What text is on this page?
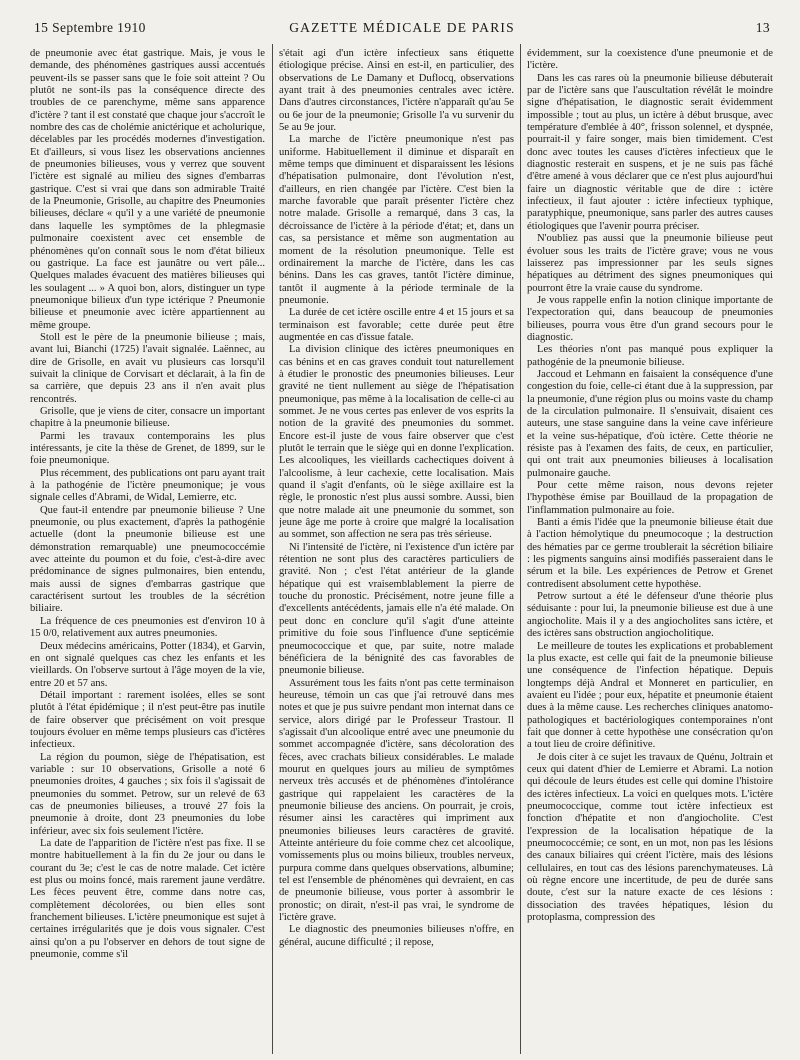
15 Septembre 1910	GAZETTE MÉDICALE DE PARIS	13

de pneumonie avec état gastrique. Mais, je vous le demande, des phénomènes gastriques aussi accentués peuvent-ils se passer sans que le foie soit atteint ? Ou plutôt ne sont-ils pas la conséquence directe des troubles de ce parenchyme, même sans apparence d'ictère ? tant il est constaté que chaque jour s'accroît le nombre des cas de cholémie anictérique et acholurique, décelables par les procédés modernes d'investigation. Et d'ailleurs, si vous lisez les observations anciennes de pneumonies bilieuses, vous y verrez que souvent l'ictère est signalé au milieu des signes d'embarras gastrique. C'est si vrai que dans son admirable Traité de la Pneumonie, Grisolle, au chapitre des Pneumonies bilieuses, déclare « qu'il y a une variété de pneumonie dans laquelle les symptômes de la phlegmasie pulmonaire coexistent avec cet ensemble de phénomènes qu'on connaît sous le nom d'état bilieux ou gastrique. La face est jaunâtre ou vert pâle... Quelques malades évacuent des matières bilieuses qui les soulagent ... » A quoi bon, alors, distinguer un type pneumonique bilieux d'un type ictérique ? Pneumonie bilieuse et pneumonie avec ictère appartiennent au même groupe.

Stoll est le père de la pneumonie bilieuse ; mais, avant lui, Bianchi (1725) l'avait signalée. Laënnec, au dire de Grisolle, en avait vu plusieurs cas lorsqu'il suivait la clinique de Corvisart et déclarait, à la fin de sa carrière, que depuis 23 ans il n'en avait plus rencontrés.

Grisolle, que je viens de citer, consacre un important chapitre à la pneumonie bilieuse.

Parmi les travaux contemporains les plus intéressants, je cite la thèse de Grenet, de 1899, sur le foie pneumonique.

Plus récemment, des publications ont paru ayant trait à la pathogénie de l'ictère pneumonique; je vous signale celles d'Abrami, de Widal, Lemierre, etc.

Que faut-il entendre par pneumonie bilieuse ? Une pneumonie, ou plus exactement, d'après la pathogénie actuelle (dont la pneumonie bilieuse est une démonstration remarquable) une pneumococcémie avec atteinte du poumon et du foie, c'est-à-dire avec prédominance de signes pulmonaires, bien entendu, mais aussi de signes d'embarras gastrique que caractérisent surtout les troubles de la sécrétion biliaire.

La fréquence de ces pneumonies est d'environ 10 à 15 0/0, relativement aux autres pneumonies.

Deux médecins américains, Potter (1834), et Garvin, en ont signalé quelques cas chez les enfants et les vieillards. On l'observe surtout à l'âge moyen de la vie, entre 20 et 57 ans.

Détail important : rarement isolées, elles se sont plutôt à l'état épidémique ; il n'est peut-être pas inutile de faire observer que précisément on voit presque toujours évoluer en même temps plusieurs cas d'ictères infectieux.

La région du poumon, siège de l'hépatisation, est variable : sur 10 observations, Grisolle a noté 6 pneumonies droites, 4 gauches ; six fois il s'agissait de pneumonies du sommet. Petrow, sur un relevé de 63 cas de pneumonies bilieuses, a trouvé 27 fois la pneumonie à droite, dont 23 pneumonies du lobe inférieur, avec six fois seulement l'ictère.

La date de l'apparition de l'ictère n'est pas fixe. Il se montre habituellement à la fin du 2e jour ou dans le courant du 3e; c'est le cas de notre malade. Cet ictère est plus ou moins foncé, mais rarement jaune verdâtre. Les fèces peuvent être, comme dans notre cas, complètement décolorées, ou bien elles sont franchement bilieuses. L'ictère pneumonique est sujet à certaines irrégularités que je dois vous signaler. C'est ainsi qu'on a pu l'observer en dehors de tout signe de pneumonie, comme s'il

s'était agi d'un ictère infectieux sans étiquette étiologique précise. Ainsi en est-il, en particulier, des observations de Le Damany et Duflocq, observations ayant trait à des pneumonies centrales avec ictère. Dans d'autres circonstances, l'ictère n'apparaît qu'au 5e ou 6e jour de la pneumonie; Grisolle l'a vu survenir du 5e au 9e jour.

La marche de l'ictère pneumonique n'est pas uniforme. Habituellement il diminue et disparaît en même temps que diminuent et disparaissent les lésions d'hépatisation pulmonaire, dont l'évolution n'est, d'ailleurs, en rien changée par l'ictère. C'est bien la marche favorable que paraît présenter l'ictère chez notre malade. Grisolle a remarqué, dans 3 cas, la décroissance de l'ictère à la période d'état; et, dans un cas, sa persistance et même son augmentation au moment de la résolution pneumonique. Telle est ordinairement la marche de l'ictère, dans les cas bénins. Dans les cas graves, tantôt l'ictère diminue, tantôt il augmente à la période terminale de la pneumonie.

La durée de cet ictère oscille entre 4 et 15 jours et sa terminaison est favorable; cette durée peut être augmentée en cas d'issue fatale.

La division clinique des ictères pneumoniques en cas bénins et en cas graves conduit tout naturellement à étudier le pronostic des pneumonies bilieuses. Leur gravité ne tient nullement au siège de l'hépatisation pneumonique, pas même à la localisation de celle-ci au sommet. Je ne vous certes pas enlever de vos esprits la notion de la gravité des pneumonies du sommet. Encore est-il juste de vous faire observer que c'est plutôt le terrain que le siège qui en donne l'explication. Les alcooliques, les vieillards cachectiques doivent à l'alcoolisme, à leur cachexie, cette localisation. Mais quand il s'agit d'enfants, où le siège axillaire est la règle, le pronostic n'est plus aussi sombre. Aussi, bien que notre malade ait une pneumonie du sommet, son jeune âge me porte à croire que malgré la localisation au sommet, son affection ne sera pas très sérieuse.

Ni l'intensité de l'ictère, ni l'existence d'un ictère par rétention ne sont plus des caractères particuliers de gravité. Non ; c'est l'état antérieur de la glande hépatique qui est vraisemblablement la pierre de touche du pronostic. Précisément, notre jeune fille a d'excellents antécédents, jamais elle n'a été malade. On peut donc en conclure qu'il s'agit d'une atteinte primitive du foie sous l'influence d'une septicémie pneumococcique et que, par suite, notre malade bénéficiera de la bénignité des cas favorables de pneumonie bilieuse.

Assurément tous les faits n'ont pas cette terminaison heureuse, témoin un cas que j'ai retrouvé dans mes notes et que je pus suivre pendant mon internat dans ce service, alors dirigé par le Professeur Trastour. Il s'agissait d'un alcoolique entré avec une pneumonie du sommet accompagnée d'ictère, sans décoloration des fèces, avec crachats bilieux considérables. Le malade mourut en quelques jours au milieu de symptômes nerveux très accusés et de phénomènes d'intolérance gastrique qui rappelaient les caractères de la pneumonie bilieuse des anciens. On pourrait, je crois, résumer ainsi les caractères qui impriment aux pneumonies bilieuses leurs caractères de gravité. Atteinte antérieure du foie comme chez cet alcoolique, vomissements plus ou moins bilieux, troubles nerveux, purpura comme dans quelques observations, albumine; tel est l'ensemble de phénomènes qui devraient, en cas de pneumonie bilieuse, vous porter à assombrir le pronostic; on dirait, n'est-il pas vrai, le syndrome de l'ictère grave.

Le diagnostic des pneumonies bilieuses n'offre, en général, aucune difficulté ; il repose,

évidemment, sur la coexistence d'une pneumonie et de l'ictère.

Dans les cas rares où la pneumonie bilieuse débuterait par de l'ictère sans que l'auscultation révélât le moindre signe d'hépatisation, le diagnostic serait évidemment impossible ; tout au plus, un ictère à début brusque, avec température d'emblée à 40°, frisson solennel, et dyspnée, pourrait-il y faire songer, mais bien timidement. C'est donc avec toutes les causes d'ictères infectieux que le diagnostic resterait en suspens, et je ne suis pas fâché d'être amené à vous déclarer que ce n'est plus aujourd'hui faire un diagnostic véritable que de dire : ictère infectieux, il faut ajouter : ictère infectieux typhique, paratyphique, pneumonique, sans parler des autres causes étiologiques que l'avenir pourra préciser.

N'oubliez pas aussi que la pneumonie bilieuse peut évoluer sous les traits de l'ictère grave; vous ne vous laisserez pas impressionner par les seuls signes hépatiques au détriment des signes pneumoniques qui pourront être la vraie cause du syndrome.

Je vous rappelle enfin la notion clinique importante de l'expectoration qui, dans beaucoup de pneumonies bilieuses, pourra vous être d'un grand secours pour le diagnostic.

Les théories n'ont pas manqué pous expliquer la pathogénie de la pneumonie bilieuse.

Jaccoud et Lehmann en faisaient la conséquence d'une congestion du foie, celle-ci étant due à la suppression, par la pneumonie, d'une région plus ou moins vaste du champ de la circulation pulmonaire. Il s'ensuivait, disaient ces auteurs, une stase sanguine dans la veine cave inférieure et la veine sus-hépatique, d'où ictère. Cette théorie ne résiste pas à l'examen des faits, de ceux, en particulier, qui ont trait aux pneumonies bilieuses à localisation pulmonaire gauche.

Pour cette même raison, nous devons rejeter l'hypothèse émise par Bouillaud de la propagation de l'inflammation pulmonaire au foie.

Banti a émis l'idée que la pneumonie bilieuse était due à l'action hémolytique du pneumocoque ; la destruction des hématies par ce germe troublerait la sécrétion biliaire : les pigments sanguins ainsi modifiés passeraient dans le sérum et la bile. Les expériences de Petrow et Grenet contredisent absolument cette hypothèse.

Petrow surtout a été le défenseur d'une théorie plus séduisante : pour lui, la pneumonie bilieuse est due à une angiocholite. Mais il y a des angiocholites sans ictère, et des ictères sans obstruction angiocholitique.

Le meilleure de toutes les explications et probablement la plus exacte, est celle qui fait de la pneumonie bilieuse une conséquence de l'infection hépatique. Depuis longtemps déjà Andral et Monneret en particulier, en avaient eu l'idée ; pour eux, hépatite et pneumonie étaient dues à la même cause. Les recherches cliniques anatomo-pathologiques et bactériologiques contemporaines n'ont fait que donner à cette hypothèse une consécration qu'on a tout lieu de croire définitive.

Je dois citer à ce sujet les travaux de Quénu, Joltrain et ceux qui datent d'hier de Lemierre et Abrami. La notion qui découle de leurs études est celle qui domine l'histoire des ictères infectieux. La voici en quelques mots. L'ictère pneumococcique, comme tout ictère infectieux est fonction d'hépatite et non d'angiocholite. C'est l'expression de la localisation hépatique de la pneumococcémie; ce sont, en un mot, non pas les lésions des canaux biliaires qui créent l'ictère, mais des lésions cellulaires, en tout cas des lésions parenchymateuses. Là où règne encore une incertitude, de peu de durée sans doute, c'est sur la nature exacte de ces lésions : dissociation des travées hépatiques, lésion du protoplasma, compression des
